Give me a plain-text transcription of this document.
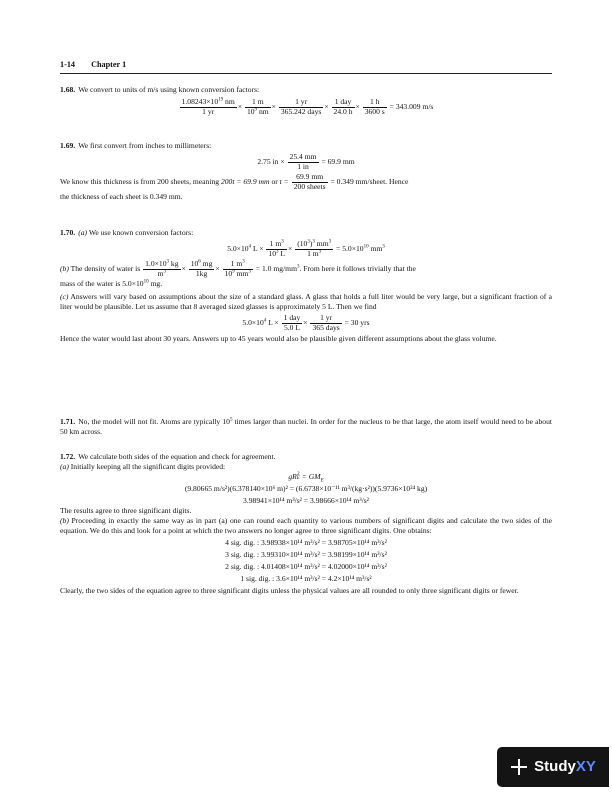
1-14 Chapter 1

1.68. We convert to units of m/s using known conversion factors:

$\frac{1.08243\times 10^{19} nm}{1 yr} \times \frac{1 m}{10^9 nm} \times \frac{1 yr}{\text{365.242 days}} \times \frac{\text{1 day}}{24.0 h} \times \frac{1 h}{3600 s} = 343.009$ m/s

1.69. We first convert from inches to millimeters:

2.75 in × $\frac{25.4 mm}{1 in} = 69.9$ mm

We know this thickness is from 200 sheets, meaning 200t = 69.9 mm or $t = \frac{69.9 mm}{\text{200 sheets}} = 0.349$ mm/sheet. Hence

the thickness of each sheet is 0.349 mm.

1.70. (a) We use known conversion factors:

$5.0\times 10^4$ $L \times \frac{1 m^3}{10^3 L} \times \frac{(10^3)^3 mm^3}{1 m^3} = 5.0\times 10^{10}$ $mm^3$

(b) The density of water is $\frac{1.0\times 10^3 kg}{m^3} \times \frac{10^6 mg}{1kg} \times \frac{1 m^3}{10^9 mm^3} = 1.0$ $mg/mm^3$. From here it follows trivially that the

mass of the water is $5.0\times 10^{10}$ mg.

(c) Answers will vary based on assumptions about the size of a standard glass. A glass that holds a full liter would be very large, but a significant fraction of a liter would be plausible. Let us assume that 8 averaged sized glasses is approximately 5 L. Then we find

$5.0\times 10^4$ $L \times \frac{\text{1 day}}{5.0 L} \times \frac{1 yr}{\text{365 days}} = 30$ yrs

Hence the water would last about 30 years. Answers up to 45 years would also be plausible given different assumptions about the glass volume.

1.71. No, the model will not fit. Atoms are typically $10^5$ times larger than nuclei. In order for the nucleus to be that large, the atom itself would need to be about 50 km across.

1.72. We calculate both sides of the equation and check for agreement.

(a) Initially keeping all the significant digits provided:

gR 2
$E = GM_E$
(9.80665 m/s²)(6.378140×10⁶ m)² = (6.6738×10⁻¹¹ m³/(kg·s²))(5.9736×10²⁴ kg)
3.98941×10¹⁴ m³/s² = 3.98666×10¹⁴ m³/s²

The results agree to three significant digits.

(b) Proceeding in exactly the same way as in part (a) one can round each quantity to various numbers of significant digits and calculate the two sides of the equation. We do this and look for a point at which the two answers no longer agree to three significant digits. One obtains:

4 sig. dig. : 3.98938×10¹⁴ m³/s² = 3.98705×10¹⁴ m³/s²
3 sig. dig. : 3.99310×10¹⁴ m³/s² = 3.98199×10¹⁴ m³/s²
2 sig. dig. : 4.01408×10¹⁴ m³/s² = 4.02000×10¹⁴ m³/s²
1 sig. dig. : 3.6×10¹⁴ m³/s² = 4.2×10¹⁴ m³/s²

Clearly, the two sides of the equation agree to three significant digits unless the physical values are all rounded to only three significant digits or fewer.

Study XY
